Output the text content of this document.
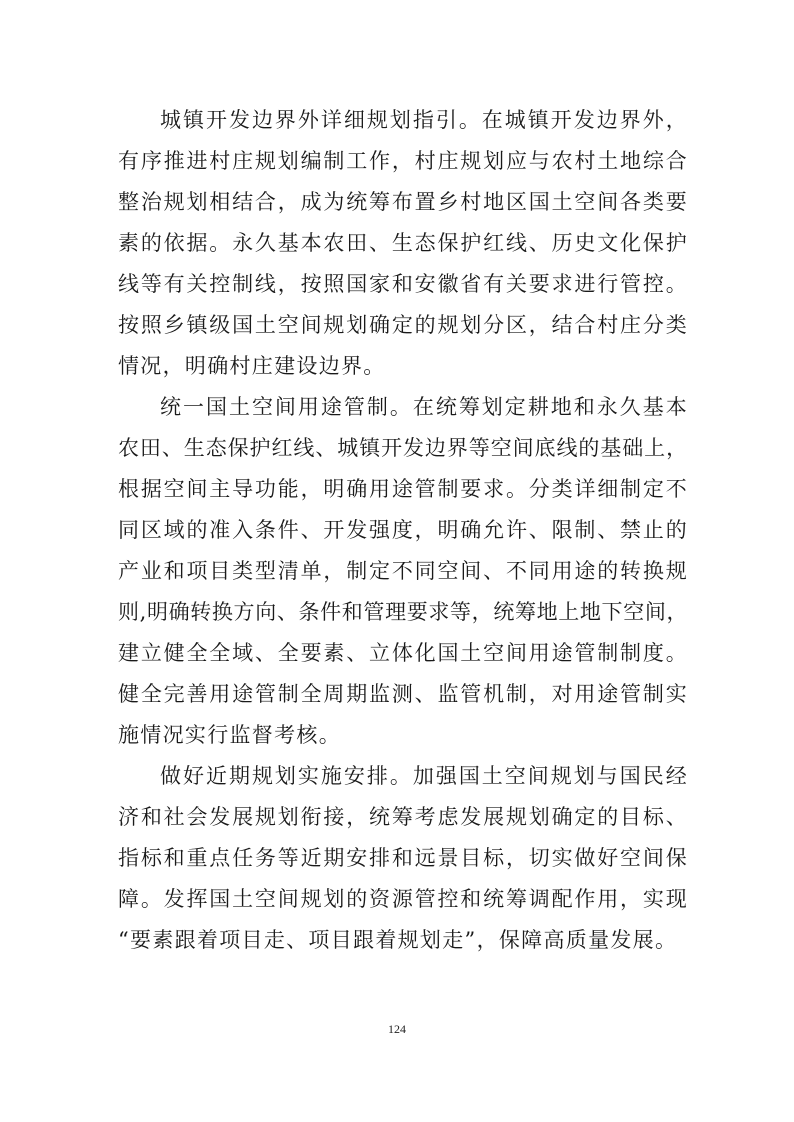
城镇开发边界外详细规划指引。在城镇开发边界外，
有序推进村庄规划编制工作，村庄规划应与农村土地综合
整治规划相结合，成为统筹布置乡村地区国土空间各类要
素的依据。永久基本农田、生态保护红线、历史文化保护
线等有关控制线，按照国家和安徽省有关要求进行管控。
按照乡镇级国土空间规划确定的规划分区，结合村庄分类
情况，明确村庄建设边界。
统一国土空间用途管制。在统筹划定耕地和永久基本
农田、生态保护红线、城镇开发边界等空间底线的基础上，
根据空间主导功能，明确用途管制要求。分类详细制定不
同区域的准入条件、开发强度，明确允许、限制、禁止的
产业和项目类型清单，制定不同空间、不同用途的转换规
则,明确转换方向、条件和管理要求等，统筹地上地下空间，
建立健全全域、全要素、立体化国土空间用途管制制度。
健全完善用途管制全周期监测、监管机制，对用途管制实
施情况实行监督考核。
做好近期规划实施安排。加强国土空间规划与国民经
济和社会发展规划衔接，统筹考虑发展规划确定的目标、
指标和重点任务等近期安排和远景目标，切实做好空间保
障。发挥国土空间规划的资源管控和统筹调配作用，实现
“要素跟着项目走、项目跟着规划走”，保障高质量发展。
124
